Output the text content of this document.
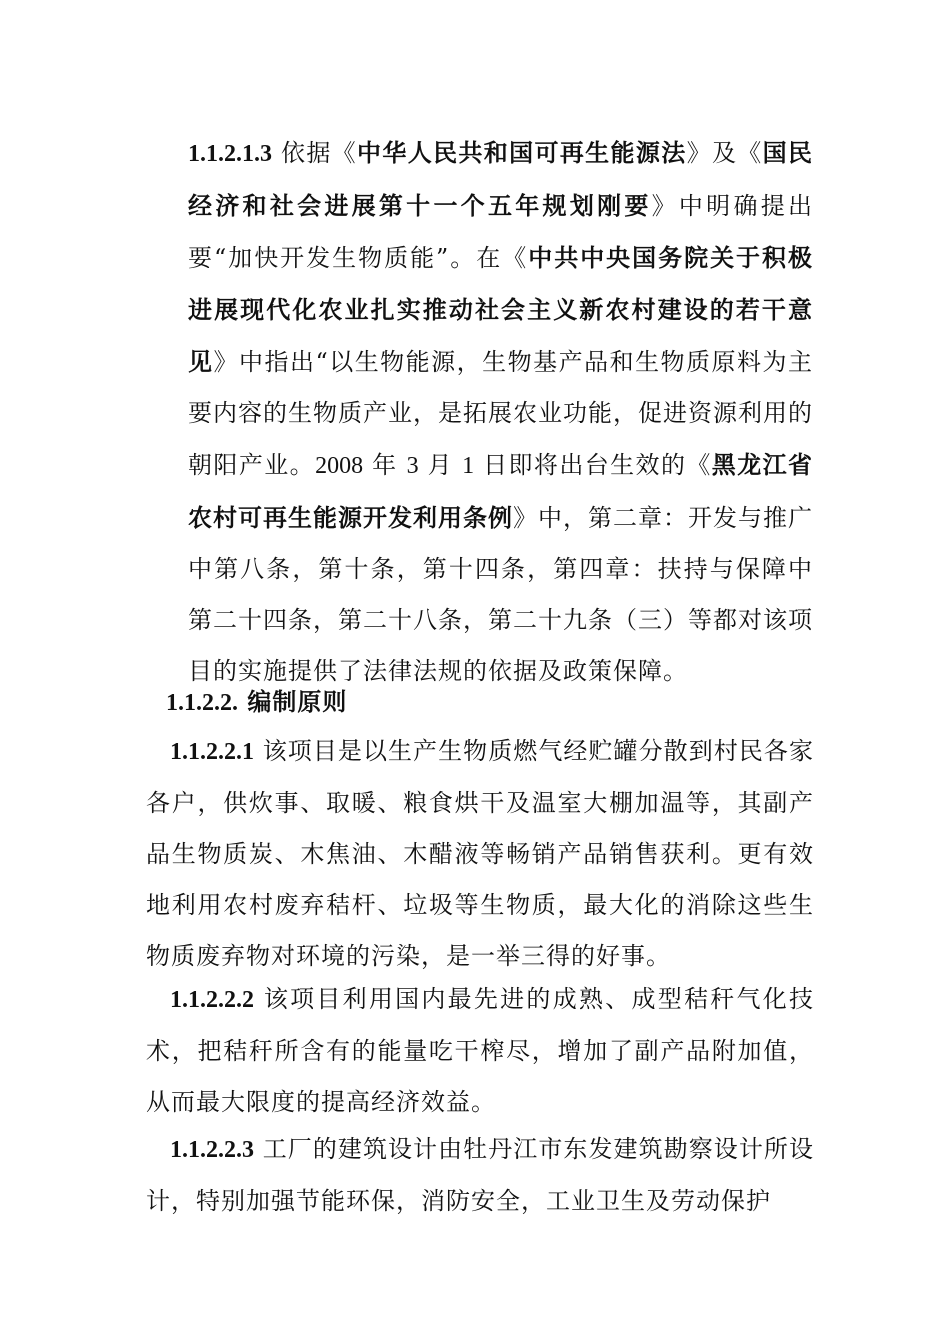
1.1.2.1.3 依据《中华人民共和国可再生能源法》及《国民经济和社会进展第十一个五年规划刚要》中明确提出要“加快开发生物质能”。在《中共中央国务院关于积极进展现代化农业扎实推动社会主义新农村建设的若干意见》中指出“以生物能源，生物基产品和生物质原料为主要内容的生物质产业，是拓展农业功能，促进资源利用的朝阳产业。2008 年 3 月 1 日即将出台生效的《黑龙江省农村可再生能源开发利用条例》中，第二章：开发与推广中第八条，第十条，第十四条，第四章：扶持与保障中 第二十四条，第二十八条，第二十九条（三）等都对该项目的实施提供了法律法规的依据及政策保障。

1.1.2.2. 编制原则

1.1.2.2.1 该项目是以生产生物质燃气经贮罐分散到村民各家各户，供炊事、取暖、粮食烘干及温室大棚加温等，其副产品生物质炭、木焦油、木醋液等畅销产品销售获利。更有效地利用农村废弃秸杆、垃圾等生物质，最大化的消除这些生物质废弃物对环境的污染，是一举三得的好事。

1.1.2.2.2 该项目利用国内最先进的成熟、成型秸秆气化技术，把秸秆所含有的能量吃干榨尽，增加了副产品附加值，从而最大限度的提高经济效益。

1.1.2.2.3 工厂的建筑设计由牡丹江市东发建筑勘察设计所设计，特别加强节能环保，消防安全，工业卫生及劳动保护
